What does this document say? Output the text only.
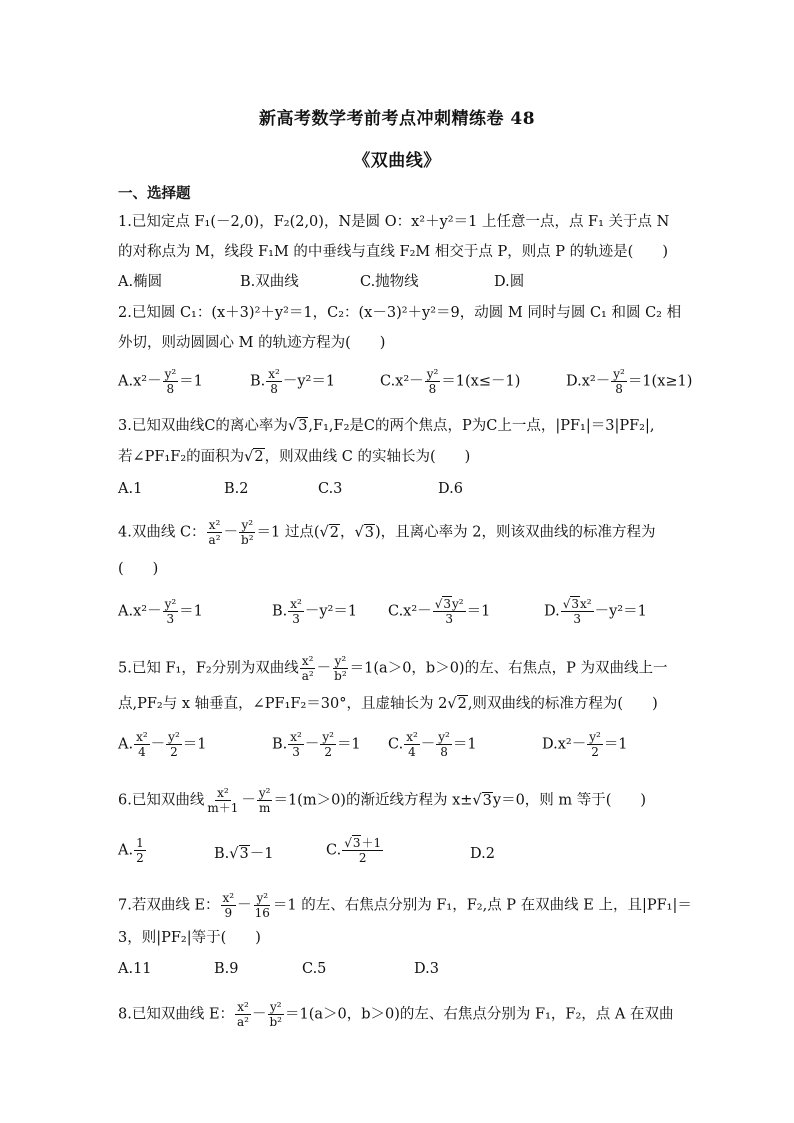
新高考数学考前考点冲刺精练卷 48
《双曲线》
一、选择题
1.已知定点 F₁(－2,0)，F₂(2,0)，N是圆 O：x²＋y²＝1 上任意一点，点 F₁ 关于点 N
的对称点为 M，线段 F₁M 的中垂线与直线 F₂M 相交于点 P，则点 P 的轨迹是(　　)
A.椭圆	B.双曲线	C.抛物线	D.圆
2.已知圆 C₁：(x＋3)²＋y²＝1，C₂：(x－3)²＋y²＝9，动圆 M 同时与圆 C₁ 和圆 C₂ 相
外切，则动圆圆心 M 的轨迹方程为(　　)
$A.x^2- \frac{\text{y²}}{8} =1$	B. $\frac{\text{x²}}{8} -y^2=1$	$C.x^2- \frac{\text{y²}}{8} =1(x\le-1)$	$D.x^2- \frac{\text{y²}}{8} =1(x\ge 1)$
3.已知双曲线C的离心率为√3,F₁,F₂是C的两个焦点，P为C上一点，|PF₁|＝3|PF₂|,
若∠PF₁F₂的面积为√2，则双曲线 C 的实轴长为(　　)
A.1	B.2	C.3	D.6
4.双曲线 C： $\frac{\text{x²}}{\text{a²}} - \frac{\text{y²}}{\text{b²}} =1$ 过点(√2，√3)，且离心率为 2，则该双曲线的标准方程为
(　　)
$A.x^2- \frac{\text{y²}}{3} =1$	B. $\frac{\text{x²}}{3} -y^2=1$ $C.x^2- \frac{\text{√3y²}}{3} =1$	D. $\frac{\text{√3x²}}{3} -y^2=1$
5.已知 F₁，F₂分别为双曲线 $\frac{\text{x²}}{\text{a²}} - \frac{\text{y²}}{\text{b²}} =1(a>0$，b＞0)的左、右焦点，P 为双曲线上一
点,PF₂与 x 轴垂直，∠PF₁F₂＝30°，且虚轴长为 2√2,则双曲线的标准方程为(　　)
A. $\frac{\text{x²}}{4} - \frac{\text{y²}}{2} =1$	B. $\frac{\text{x²}}{3} - \frac{\text{y²}}{2} =1$ C. $\frac{\text{x²}}{4} - \frac{\text{y²}}{8} =1$	$D.x^2- \frac{\text{y²}}{2} =1$
6.已知双曲线 $\frac{\text{x²}}{m+1} - \frac{\text{y²}}{m} =1(m>0)$的渐近线方程为 x±√3y＝0，则 m 等于(　　)
A. $\frac{1}{2}$	B.√3－1	C. $\frac{√3+1}{2}$	D.2
7.若双曲线 E： $\frac{\text{x²}}{9} - \frac{\text{y²}}{16} =1$ 的左、右焦点分别为 F₁，F₂,点 P 在双曲线 E 上，且|PF₁|＝
3，则|PF₂|等于(　　)
A.11	B.9	C.5	D.3
8.已知双曲线 E： $\frac{\text{x²}}{\text{a²}} - \frac{\text{y²}}{\text{b²}} =1(a>0$，b＞0)的左、右焦点分别为 F₁，F₂，点 A 在双曲
